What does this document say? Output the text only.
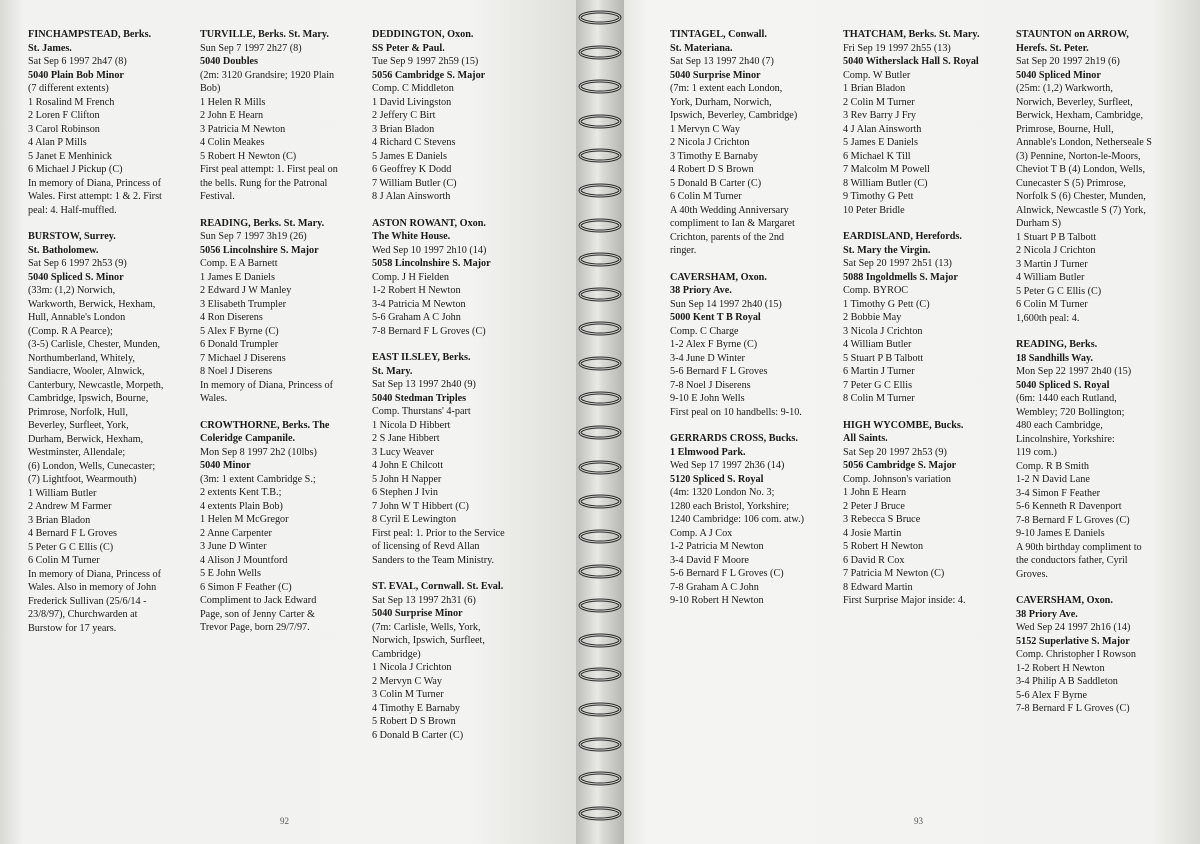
FINCHAMPSTEAD, Berks.
St. James.
Sat Sep 6 1997 2h47 (8)
5040 Plain Bob Minor
(7 different extents)
1 Rosalind M French
2 Loren F Clifton
3 Carol Robinson
4 Alan P Mills
5 Janet E Menhinick
6 Michael J Pickup (C)
In memory of Diana, Princess of
Wales. First attempt: 1 & 2. First
peal: 4. Half-muffled.
BURSTOW, Surrey.
St. Batholomew.
Sat Sep 6 1997 2h53 (9)
5040 Spliced S. Minor
(33m: (1,2) Norwich,
Warkworth, Berwick, Hexham,
Hull, Annable's London
(Comp. R A Pearce);
(3-5) Carlisle, Chester, Munden,
Northumberland, Whitely,
Sandiacre, Wooler, Alnwick,
Canterbury, Newcastle, Morpeth,
Cambridge, Ipswich, Bourne,
Primrose, Norfolk, Hull,
Beverley, Surfleet, York,
Durham, Berwick, Hexham,
Westminster, Allendale;
(6) London, Wells, Cunecaster;
(7) Lightfoot, Wearmouth)
1 William Butler
2 Andrew M Farmer
3 Brian Bladon
4 Bernard F L Groves
5 Peter G C Ellis (C)
6 Colin M Turner
In memory of Diana, Princess of
Wales. Also in memory of John
Frederick Sullivan (25/6/14 -
23/8/97), Churchwarden at
Burstow for 17 years.
TURVILLE, Berks. St. Mary.
Sun Sep 7 1997 2h27 (8)
5040 Doubles
(2m: 3120 Grandsire; 1920 Plain
Bob)
1 Helen R Mills
2 John E Hearn
3 Patricia M Newton
4 Colin Meakes
5 Robert H Newton (C)
First peal attempt: 1. First peal on
the bells. Rung for the Patronal
Festival.
READING, Berks. St. Mary.
Sun Sep 7 1997 3h19 (26)
5056 Lincolnshire S. Major
Comp. E A Barnett
1 James E Daniels
2 Edward J W Manley
3 Elisabeth Trumpler
4 Ron Diserens
5 Alex F Byrne (C)
6 Donald Trumpler
7 Michael J Diserens
8 Noel J Diserens
In memory of Diana, Princess of
Wales.
CROWTHORNE, Berks. The
Coleridge Campanile.
Mon Sep 8 1997 2h2 (10lbs)
5040 Minor
(3m: 1 extent Cambridge S.;
2 extents Kent T.B.;
4 extents Plain Bob)
1 Helen M McGregor
2 Anne Carpenter
3 June D Winter
4 Alison J Mountford
5 E John Wells
6 Simon F Feather (C)
Compliment to Jack Edward
Page, son of Jenny Carter &
Trevor Page, born 29/7/97.
DEDDINGTON, Oxon.
SS Peter & Paul.
Tue Sep 9 1997 2h59 (15)
5056 Cambridge S. Major
Comp. C Middleton
1 David Livingston
2 Jeffery C Birt
3 Brian Bladon
4 Richard C Stevens
5 James E Daniels
6 Geoffrey K Dodd
7 William Butler (C)
8 J Alan Ainsworth
ASTON ROWANT, Oxon.
The White House.
Wed Sep 10 1997 2h10 (14)
5058 Lincolnshire S. Major
Comp. J H Fielden
1-2 Robert H Newton
3-4 Patricia M Newton
5-6 Graham A C John
7-8 Bernard F L Groves (C)
EAST ILSLEY, Berks.
St. Mary.
Sat Sep 13 1997 2h40 (9)
5040 Stedman Triples
Comp. Thurstans' 4-part
1 Nicola D Hibbert
2 S Jane Hibbert
3 Lucy Weaver
4 John E Chilcott
5 John H Napper
6 Stephen J Ivin
7 John W T Hibbert (C)
8 Cyril E Lewington
First peal: 1. Prior to the Service
of licensing of Revd Allan
Sanders to the Team Ministry.
ST. EVAL, Cornwall. St. Eval.
Sat Sep 13 1997 2h31 (6)
5040 Surprise Minor
(7m: Carlisle, Wells, York,
Norwich, Ipswich, Surfleet,
Cambridge)
1 Nicola J Crichton
2 Mervyn C Way
3 Colin M Turner
4 Timothy E Barnaby
5 Robert D S Brown
6 Donald B Carter (C)
92
TINTAGEL, Conwall.
St. Materiana.
Sat Sep 13 1997 2h40 (7)
5040 Surprise Minor
(7m: 1 extent each London,
York, Durham, Norwich,
Ipswich, Beverley, Cambridge)
1 Mervyn C Way
2 Nicola J Crichton
3 Timothy E Barnaby
4 Robert D S Brown
5 Donald B Carter (C)
6 Colin M Turner
A 40th Wedding Anniversary
compliment to Ian & Margaret
Crichton, parents of the 2nd
ringer.
CAVERSHAM, Oxon.
38 Priory Ave.
Sun Sep 14 1997 2h40 (15)
5000 Kent T B Royal
Comp. C Charge
1-2 Alex F Byrne (C)
3-4 June D Winter
5-6 Bernard F L Groves
7-8 Noel J Diserens
9-10 E John Wells
First peal on 10 handbells: 9-10.
GERRARDS CROSS, Bucks.
1 Elmwood Park.
Wed Sep 17 1997 2h36 (14)
5120 Spliced S. Royal
(4m: 1320 London No. 3;
1280 each Bristol, Yorkshire;
1240 Cambridge: 106 com. atw.)
Comp. A J Cox
1-2 Patricia M Newton
3-4 David F Moore
5-6 Bernard F L Groves (C)
7-8 Graham A C John
9-10 Robert H Newton
THATCHAM, Berks. St. Mary.
Fri Sep 19 1997 2h55 (13)
5040 Witherslack Hall S. Royal
Comp. W Butler
1 Brian Bladon
2 Colin M Turner
3 Rev Barry J Fry
4 J Alan Ainsworth
5 James E Daniels
6 Michael K Till
7 Malcolm M Powell
8 William Butler (C)
9 Timothy G Pett
10 Peter Bridle
EARDISLAND, Herefords.
St. Mary the Virgin.
Sat Sep 20 1997 2h51 (13)
5088 Ingoldmells S. Major
Comp. BYROC
1 Timothy G Pett (C)
2 Bobbie May
3 Nicola J Crichton
4 William Butler
5 Stuart P B Talbott
6 Martin J Turner
7 Peter G C Ellis
8 Colin M Turner
HIGH WYCOMBE, Bucks.
All Saints.
Sat Sep 20 1997 2h53 (9)
5056 Cambridge S. Major
Comp. Johnson's variation
1 John E Hearn
2 Peter J Bruce
3 Rebecca S Bruce
4 Josie Martin
5 Robert H Newton
6 David R Cox
7 Patricia M Newton (C)
8 Edward Martin
First Surprise Major inside: 4.
STAUNTON on ARROW,
Herefs. St. Peter.
Sat Sep 20 1997 2h19 (6)
5040 Spliced Minor
(25m: (1,2) Warkworth,
Norwich, Beverley, Surfleet,
Berwick, Hexham, Cambridge,
Primrose, Bourne, Hull,
Annable's London, Netherseale S
(3) Pennine, Norton-le-Moors,
Cheviot T B (4) London, Wells,
Cunecaster S (5) Primrose,
Norfolk S (6) Chester, Munden,
Alnwick, Newcastle S (7) York,
Durham S)
1 Stuart P B Talbott
2 Nicola J Crichton
3 Martin J Turner
4 William Butler
5 Peter G C Ellis (C)
6 Colin M Turner
1,600th peal: 4.
READING, Berks.
18 Sandhills Way.
Mon Sep 22 1997 2h40 (15)
5040 Spliced S. Royal
(6m: 1440 each Rutland,
Wembley; 720 Bollington;
480 each Cambridge,
Lincolnshire, Yorkshire:
119 com.)
Comp. R B Smith
1-2 N David Lane
3-4 Simon F Feather
5-6 Kenneth R Davenport
7-8 Bernard F L Groves (C)
9-10 James E Daniels
A 90th birthday compliment to
the conductors father, Cyril
Groves.
CAVERSHAM, Oxon.
38 Priory Ave.
Wed Sep 24 1997 2h16 (14)
5152 Superlative S. Major
Comp. Christopher I Rowson
1-2 Robert H Newton
3-4 Philip A B Saddleton
5-6 Alex F Byrne
7-8 Bernard F L Groves (C)
93
